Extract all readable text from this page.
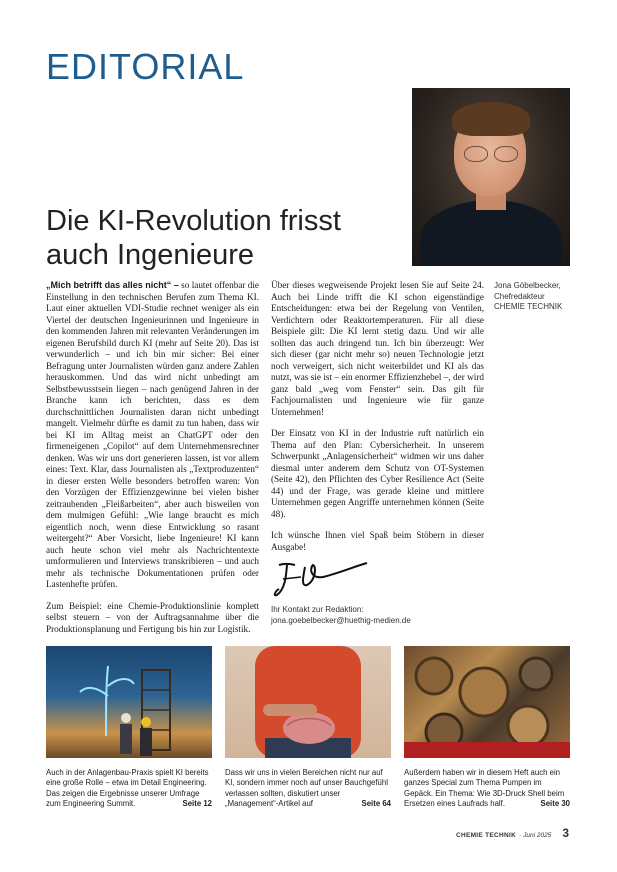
EDITORIAL
Die KI-Revolution frisst auch Ingenieure
Jona Göbelbecker,
Chefredakteur
CHEMIE TECHNIK

„Mich betrifft das alles nicht“ – so lautet offenbar die Einstellung in den technischen Berufen zum Thema KI. Laut einer aktuellen VDI-Studie rechnet weniger als ein Viertel der deutschen Ingenieurinnen und Ingenieure in den kommenden Jahren mit relevanten Veränderungen im eigenen Berufsbild durch KI (mehr auf Seite 20). Das ist verwunderlich – und ich bin mir sicher: Bei einer Befragung unter Journalisten würden ganz andere Zahlen herauskommen. Und das wird nicht unbedingt am Selbstbewusstsein liegen – nach genügend Jahren in der Branche kann ich berichten, dass es dem durchschnittlichen Journalisten daran nicht unbedingt mangelt. Vielmehr dürfte es damit zu tun haben, dass wir bei KI im Alltag meist an ChatGPT oder den firmeneigenen „Copilot“ auf dem Unternehmensrechner denken. Was wir uns dort generieren lassen, ist vor allem eines: Text. Klar, dass Journalisten als „Textproduzenten“ in dieser ersten Welle besonders betroffen waren: Von den Vorzügen der Effizienzgewinne bei vielen bisher zeitraubenden „Fleißarbeiten“, aber auch bisweilen von dem mulmigen Gefühl: „Wie lange braucht es mich eigentlich noch, wenn diese Entwicklung so rasant weitergeht?“ Aber Vorsicht, liebe Ingenieure! KI kann auch heute schon viel mehr als Nachrichtentexte umformulieren und Interviews transkribieren – und auch mehr als technische Dokumentationen prüfen oder Lastenhefte prüfen.

Zum Beispiel: eine Chemie-Produktionslinie komplett selbst steuern – von der Auftragsannahme über die Produktionsplanung und Fertigung bis hin zur Logistik.

Über dieses wegweisende Projekt lesen Sie auf Seite 24. Auch bei Linde trifft die KI schon eigenständige Entscheidungen: etwa bei der Regelung von Ventilen, Verdichtern oder Reaktortemperaturen. Für all diese Beispiele gilt: Die KI lernt stetig dazu. Und wir alle sollten das auch dringend tun. Ich bin überzeugt: Wer sich dieser (gar nicht mehr so) neuen Technologie jetzt noch verweigert, sich nicht weiterbildet und KI als das nutzt, was sie ist – ein enormer Effizienzhebel –, der wird ganz bald „weg vom Fenster“ sein. Das gilt für Fachjournalisten und Ingenieure wie für ganze Unternehmen!

Der Einsatz von KI in der Industrie ruft natürlich ein Thema auf den Plan: Cybersicherheit. In unserem Schwerpunkt „Anlagensicherheit“ widmen wir uns daher diesmal unter anderem dem Schutz von OT-Systemen (Seite 42), den Pflichten des Cyber Resilience Act (Seite 44) und der Frage, was gerade kleine und mittlere Unternehmen gegen Angriffe unternehmen können (Seite 48).

Ich wünsche Ihnen viel Spaß beim Stöbern in dieser Ausgabe!

Ihr Kontakt zur Redaktion:
jona.goebelbecker@huethig-medien.de
Auch in der Anlagenbau-Praxis spielt KI bereits eine große Rolle – etwa im Detail Engineering. Das zeigen die Ergebnisse unserer Umfrage zum Engineering Summit.	Seite 12
Dass wir uns in vielen Bereichen nicht nur auf KI, sondern immer noch auf unser Bauchgefühl verlassen sollten, diskutiert unser „Management“-Artikel auf	Seite 64
Außerdem haben wir in diesem Heft auch ein ganzes Special zum Thema Pumpen im Gepäck. Ein Thema: Wie 3D-Druck Shell beim Ersetzen eines Laufrads half.	Seite 30
CHEMIE TECHNIK · Juni 2025 3
